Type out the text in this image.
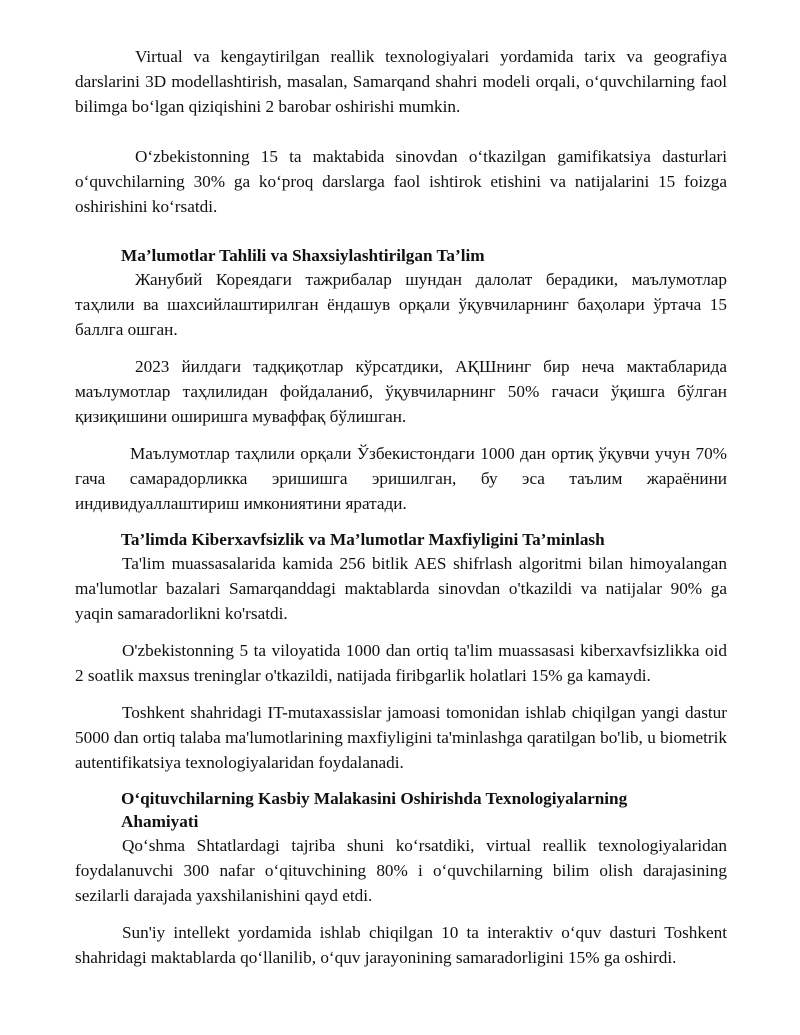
Virtual va kengaytirilgan reallik texnologiyalari yordamida tarix va geografiya darslarini 3D modellashtirish, masalan, Samarqand shahri modeli orqali, o‘quvchilarning faol bilimga bo‘lgan qiziqishini 2 barobar oshirishi mumkin.

O‘zbekistonning 15 ta maktabida sinovdan o‘tkazilgan gamifikatsiya dasturlari o‘quvchilarning 30% ga ko‘proq darslarga faol ishtirok etishini va natijalarini 15 foizga oshirishini ko‘rsatdi.

Ma’lumotlar Tahlili va Shaxsiylashtirilgan Ta’lim

Жанубий Кореядаги тажрибалар шундан далолат берадики, маълумотлар таҳлили ва шахсийлаштирилган ёндашув орқали ўқувчиларнинг баҳолари ўртача 15 баллга ошган.

2023 йилдаги тадқиқотлар кўрсатдики, АҚШнинг бир неча мактабларида маълумотлар таҳлилидан фойдаланиб, ўқувчиларнинг 50% гачаси ўқишга бўлган қизиқишини оширишга муваффақ бўлишган.

Маълумотлар таҳлили орқали Ўзбекистондаги 1000 дан ортиқ ўқувчи учун 70% гача самарадорликка эришишга эришилган, бу эса таълим жараёнини индивидуаллаштириш имкониятини яратади.

Ta’limda Kiberxavfsizlik va Ma’lumotlar Maxfiyligini Ta’minlash

Ta'lim muassasalarida kamida 256 bitlik AES shifrlash algoritmi bilan himoyalangan ma'lumotlar bazalari Samarqanddagi maktablarda sinovdan o'tkazildi va natijalar 90% ga yaqin samaradorlikni ko'rsatdi.

O'zbekistonning 5 ta viloyatida 1000 dan ortiq ta'lim muassasasi kiberxavfsizlikka oid 2 soatlik maxsus treninglar o'tkazildi, natijada firibgarlik holatlari 15% ga kamaydi.

Toshkent shahridagi IT-mutaxassislar jamoasi tomonidan ishlab chiqilgan yangi dastur 5000 dan ortiq talaba ma'lumotlarining maxfiyligini ta'minlashga qaratilgan bo'lib, u biometrik autentifikatsiya texnologiyalaridan foydalanadi.

O‘qituvchilarning Kasbiy Malakasini Oshirishda Texnologiyalarning Ahamiyati

Qo‘shma Shtatlardagi tajriba shuni ko‘rsatdiki, virtual reallik texnologiyalaridan foydalanuvchi 300 nafar o‘qituvchining 80% i o‘quvchilarning bilim olish darajasining sezilarli darajada yaxshilanishini qayd etdi.

Sun'iy intellekt yordamida ishlab chiqilgan 10 ta interaktiv o‘quv dasturi Toshkent shahridagi maktablarda qo‘llanilib, o‘quv jarayonining samaradorligini 15% ga oshirdi.
